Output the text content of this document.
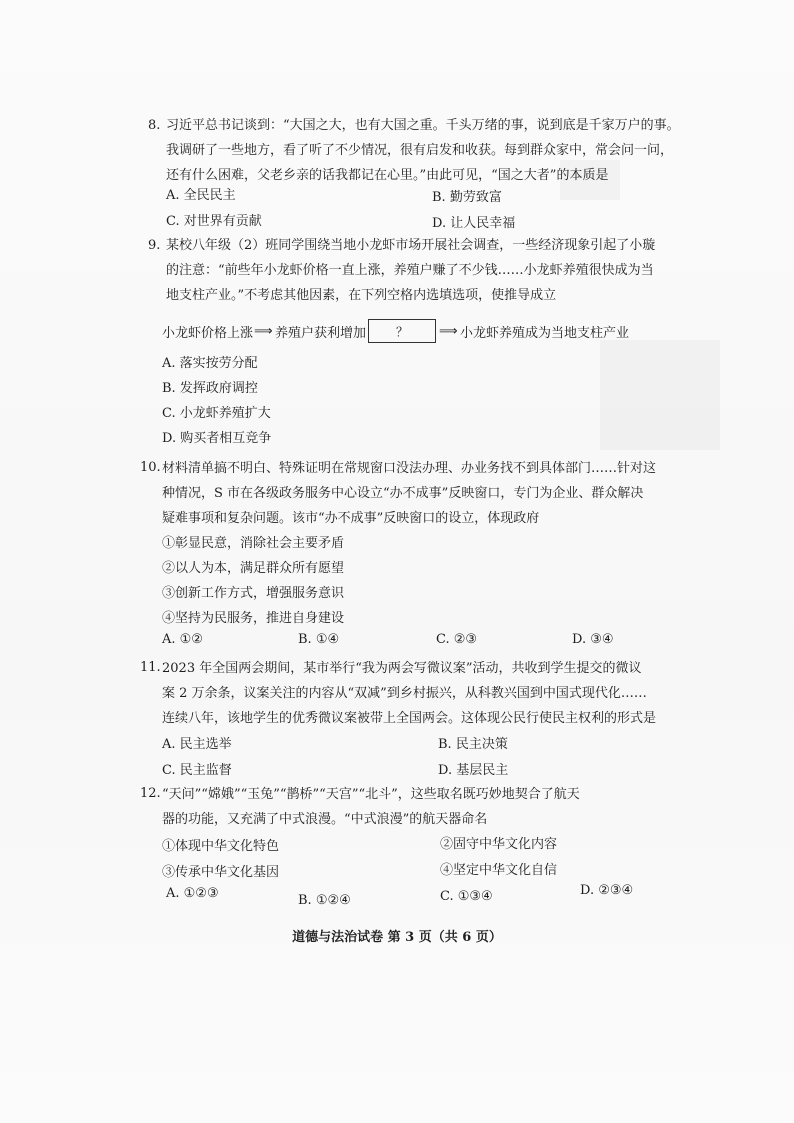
8. 习近平总书记谈到：“大国之大，也有大国之重。千头万绪的事，说到底是千家万户的事。
我调研了一些地方，看了听了不少情况，很有启发和收获。每到群众家中，常会问一问，
还有什么困难，父老乡亲的话我都记在心里。”由此可见，“国之大者”的本质是
A. 全民民主	B. 勤劳致富
C. 对世界有贡献	D. 让人民幸福
9. 某校八年级（2）班同学围绕当地小龙虾市场开展社会调查，一些经济现象引起了小璇
的注意：“前些年小龙虾价格一直上涨，养殖户赚了不少钱……小龙虾养殖很快成为当
地支柱产业。”不考虑其他因素，在下列空格内选填选项，使推导成立
小龙虾价格上涨 ⟹ 养殖户获利增加	？	⟹ 小龙虾养殖成为当地支柱产业
A. 落实按劳分配
B. 发挥政府调控
C. 小龙虾养殖扩大
D. 购买者相互竞争
10. 材料清单搞不明白、特殊证明在常规窗口没法办理、办业务找不到具体部门……针对这
种情况，S 市在各级政务服务中心设立“办不成事”反映窗口，专门为企业、群众解决
疑难事项和复杂问题。该市“办不成事”反映窗口的设立，体现政府
①彰显民意，消除社会主要矛盾
②以人为本，满足群众所有愿望
③创新工作方式，增强服务意识
④坚持为民服务，推进自身建设
A. ①②	B. ①④	C. ②③	D. ③④
11. 2023 年全国两会期间，某市举行“我为两会写微议案”活动，共收到学生提交的微议
案 2 万余条，议案关注的内容从“双减”到乡村振兴，从科教兴国到中国式现代化……
连续八年，该地学生的优秀微议案被带上全国两会。这体现公民行使民主权利的形式是
A. 民主选举	B. 民主决策
C. 民主监督	D. 基层民主
12. “天问”“嫦娥”“玉兔”“鹊桥”“天宫”“北斗”，这些取名既巧妙地契合了航天
器的功能，又充满了中式浪漫。“中式浪漫”的航天器命名
①体现中华文化特色	②固守中华文化内容
③传承中华文化基因	④坚定中华文化自信
A. ①②③	B. ①②④	C. ①③④	D. ②③④
道德与法治试卷 第 3 页（共 6 页）
